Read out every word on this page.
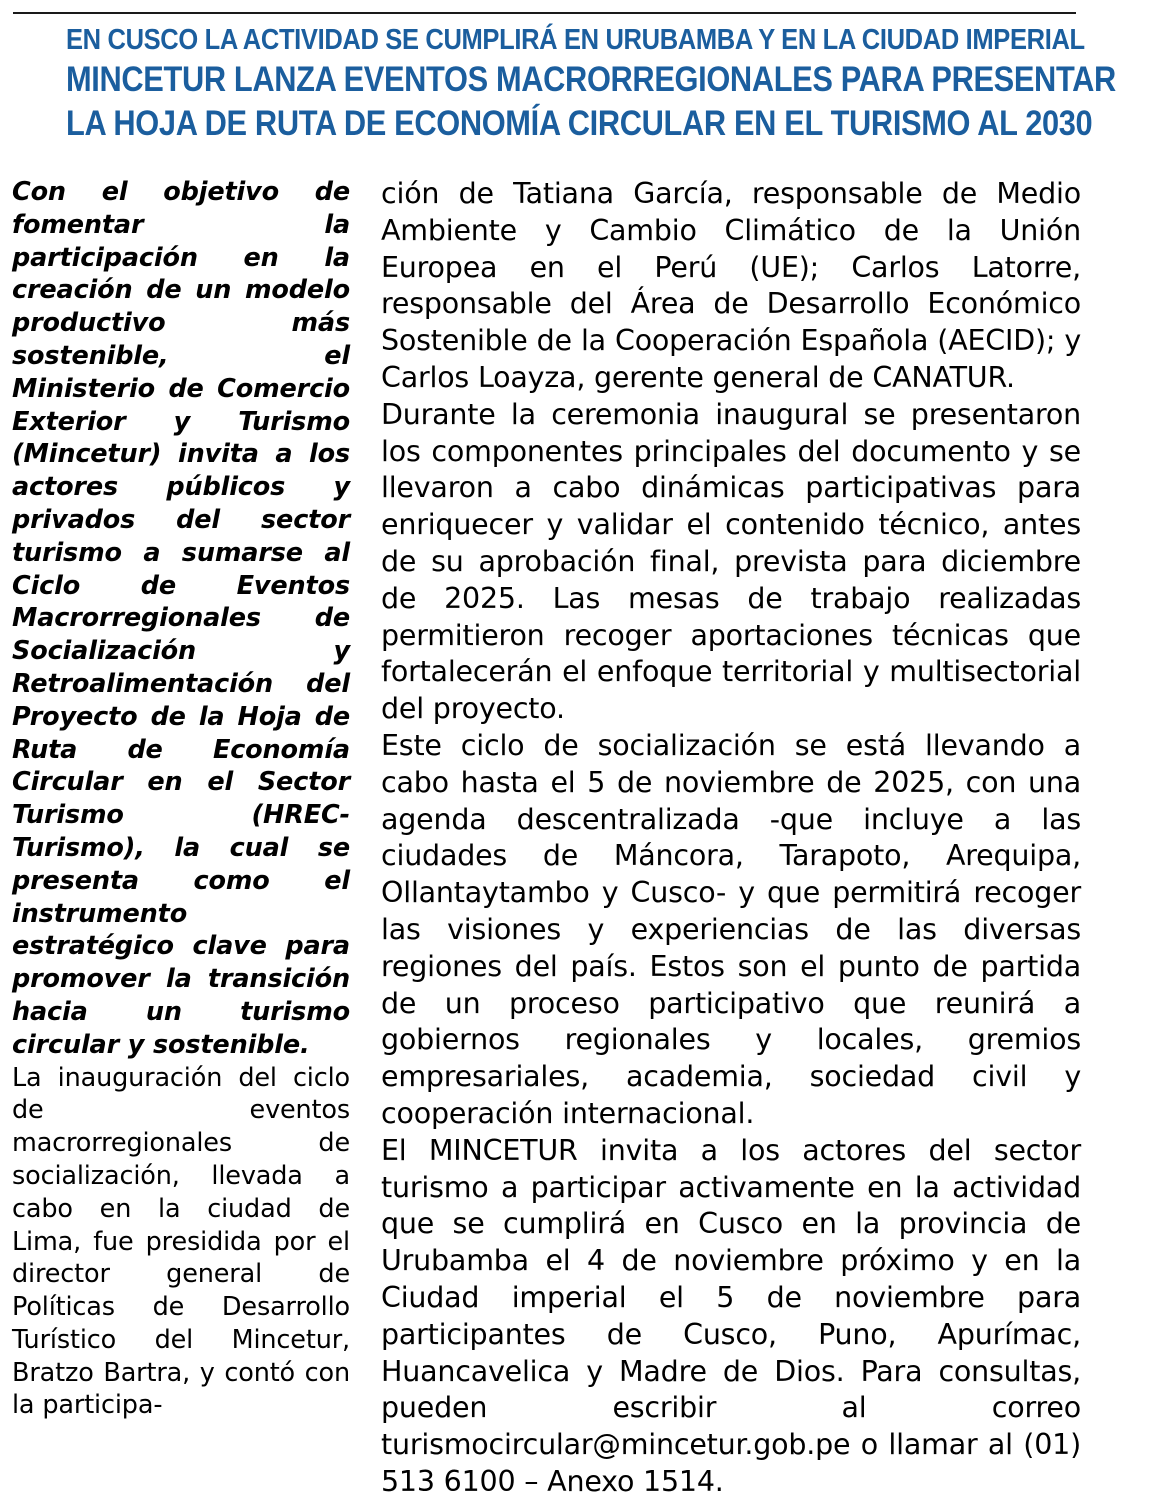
EN CUSCO LA ACTIVIDAD SE CUMPLIRÁ EN URUBAMBA Y EN LA CIUDAD IMPERIAL
MINCETUR LANZA EVENTOS MACRORREGIONALES PARA PRESENTAR
LA HOJA DE RUTA DE ECONOMÍA CIRCULAR EN EL TURISMO AL 2030

Con el objetivo de fomentar la participación en la creación de un modelo productivo más sostenible, el Ministerio de Comercio Exterior y Turismo (Mincetur) invita a los actores públicos y privados del sector turismo a sumarse al Ciclo de Eventos Macrorregionales de Socialización y Retroalimentación del Proyecto de la Hoja de Ruta de Economía Circular en el Sector Turismo (HREC-Turismo), la cual se presenta como el instrumento estratégico clave para promover la transición hacia un turismo circular y sostenible.

La inauguración del ciclo de eventos macrorregionales de socialización, llevada a cabo en la ciudad de Lima, fue presidida por el director general de Políticas de Desarrollo Turístico del Mincetur, Bratzo Bartra, y contó con la participa-

ción de Tatiana García, responsable de Medio Ambiente y Cambio Climático de la Unión Europea en el Perú (UE); Carlos Latorre, responsable del Área de Desarrollo Económico Sostenible de la Cooperación Española (AECID); y Carlos Loayza, gerente general de CANATUR.

Durante la ceremonia inaugural se presentaron los componentes principales del documento y se llevaron a cabo dinámicas participativas para enriquecer y validar el contenido técnico, antes de su aprobación final, prevista para diciembre de 2025. Las mesas de trabajo realizadas permitieron recoger aportaciones técnicas que fortalecerán el enfoque territorial y multisectorial del proyecto.

Este ciclo de socialización se está llevando a cabo hasta el 5 de noviembre de 2025, con una agenda descentralizada -que incluye a las ciudades de Máncora, Tarapoto, Arequipa, Ollantaytambo y Cusco- y que permitirá recoger las visiones y experiencias de las diversas regiones del país. Estos son el punto de partida de un proceso participativo que reunirá a gobiernos regionales y locales, gremios empresariales, academia, sociedad civil y cooperación internacional.

El MINCETUR invita a los actores del sector turismo a participar activamente en la actividad que se cumplirá en Cusco en la provincia de Urubamba el 4 de noviembre próximo y en la Ciudad imperial el 5 de noviembre para participantes de Cusco, Puno, Apurímac, Huancavelica y Madre de Dios. Para consultas, pueden escribir al correo turismocircular@mincetur.gob.pe o llamar al (01) 513 6100 – Anexo 1514.
